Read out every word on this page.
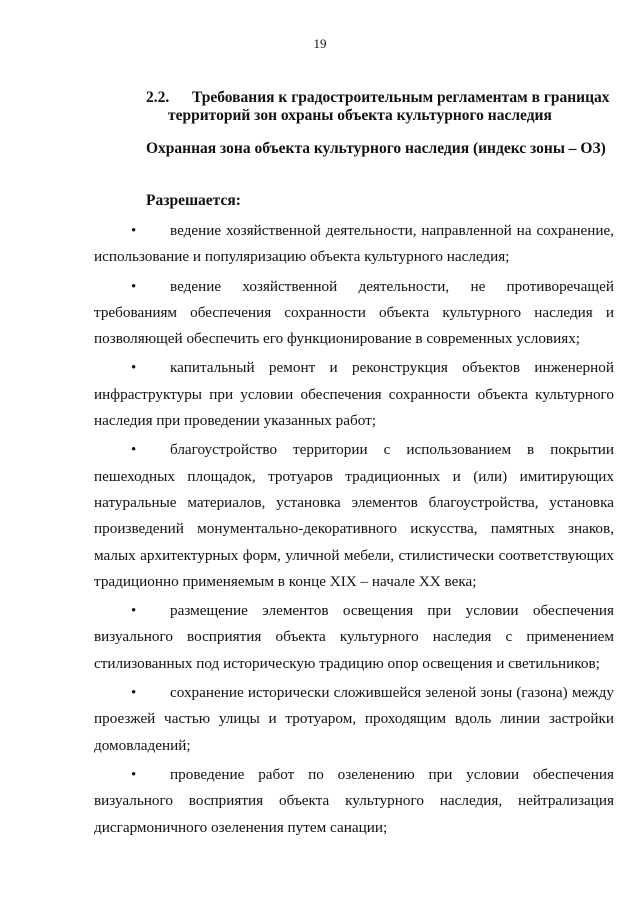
19
2.2. Требования к градостроительным регламентам в границах
территорий зон охраны объекта культурного наследия
Охранная зона объекта культурного наследия (индекс зоны – ОЗ)
Разрешается:
• ведение хозяйственной деятельности, направленной на сохранение, использование и популяризацию объекта культурного наследия;
• ведение хозяйственной деятельности, не противоречащей требованиям обеспечения сохранности объекта культурного наследия и позволяющей обеспечить его функционирование в современных условиях;
• капитальный ремонт и реконструкция объектов инженерной инфраструктуры при условии обеспечения сохранности объекта культурного наследия при проведении указанных работ;
• благоустройство территории с использованием в покрытии пешеходных площадок, тротуаров традиционных и (или) имитирующих натуральные материалов, установка элементов благоустройства, установка произведений монументально-декоративного искусства, памятных знаков, малых архитектурных форм, уличной мебели, стилистически соответствующих традиционно применяемым в конце XIX – начале XX века;
• размещение элементов освещения при условии обеспечения визуального восприятия объекта культурного наследия с применением стилизованных под историческую традицию опор освещения и светильников;
• сохранение исторически сложившейся зеленой зоны (газона) между проезжей частью улицы и тротуаром, проходящим вдоль линии застройки домовладений;
• проведение работ по озеленению при условии обеспечения визуального восприятия объекта культурного наследия, нейтрализация дисгармоничного озеленения путем санации;
